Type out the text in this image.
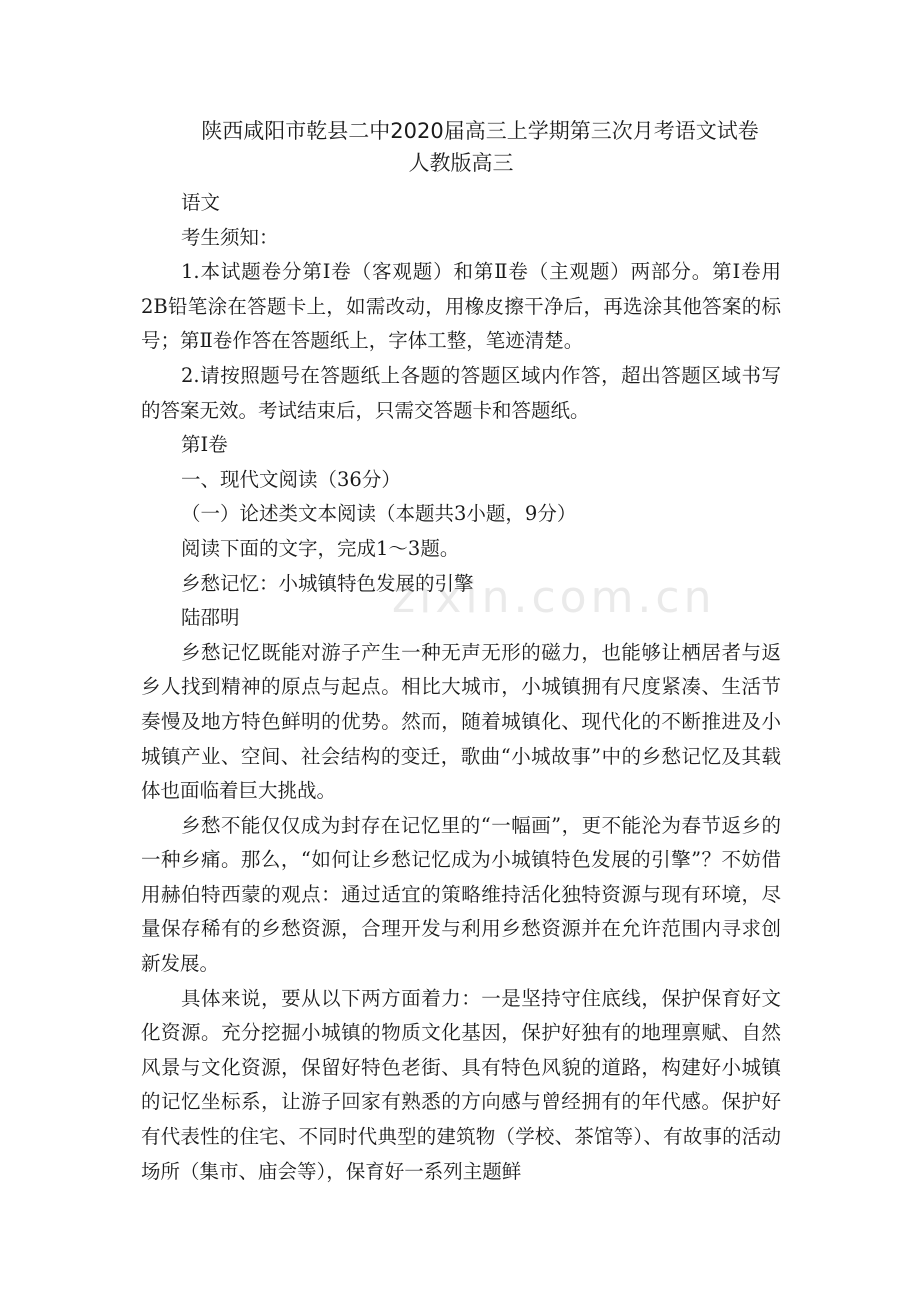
陕西咸阳市乾县二中2020届高三上学期第三次月考语文试卷
人教版高三

语文

考生须知：

1.本试题卷分第Ⅰ卷（客观题）和第Ⅱ卷（主观题）两部分。第Ⅰ卷用2B铅笔涂在答题卡上，如需改动，用橡皮擦干净后，再选涂其他答案的标号；第Ⅱ卷作答在答题纸上，字体工整，笔迹清楚。

2.请按照题号在答题纸上各题的答题区域内作答，超出答题区域书写的答案无效。考试结束后，只需交答题卡和答题纸。

第Ⅰ卷

一、现代文阅读（36分）

（一）论述类文本阅读（本题共3小题，9分）

阅读下面的文字，完成1～3题。

乡愁记忆：小城镇特色发展的引擎

陆邵明

乡愁记忆既能对游子产生一种无声无形的磁力，也能够让栖居者与返乡人找到精神的原点与起点。相比大城市，小城镇拥有尺度紧凑、生活节奏慢及地方特色鲜明的优势。然而，随着城镇化、现代化的不断推进及小城镇产业、空间、社会结构的变迁，歌曲“小城故事”中的乡愁记忆及其载体也面临着巨大挑战。

乡愁不能仅仅成为封存在记忆里的“一幅画”，更不能沦为春节返乡的一种乡痛。那么，“如何让乡愁记忆成为小城镇特色发展的引擎”？不妨借用赫伯特西蒙的观点：通过适宜的策略维持活化独特资源与现有环境，尽量保存稀有的乡愁资源，合理开发与利用乡愁资源并在允许范围内寻求创新发展。

具体来说，要从以下两方面着力：一是坚持守住底线，保护保育好文化资源。充分挖掘小城镇的物质文化基因，保护好独有的地理禀赋、自然风景与文化资源，保留好特色老街、具有特色风貌的道路，构建好小城镇的记忆坐标系，让游子回家有熟悉的方向感与曾经拥有的年代感。保护好有代表性的住宅、不同时代典型的建筑物（学校、茶馆等）、有故事的活动场所（集市、庙会等），保育好一系列主题鲜

zixin.com.cn
